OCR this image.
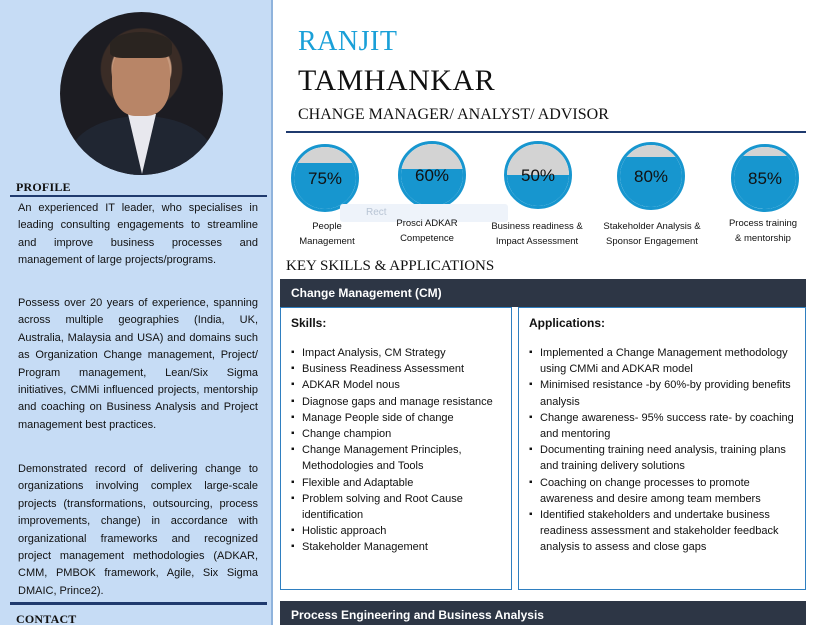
PROFILE

An experienced IT leader, who specialises in leading consulting engagements to streamline and improve business processes and management of large projects/programs.

Possess over 20 years of experience, spanning across multiple geographies (India, UK, Australia, Malaysia and USA) and domains such as Organization Change management, Project/ Program management, Lean/Six Sigma initiatives, CMMi influenced projects, mentorship and coaching on Business Analysis and Project management best practices.

Demonstrated record of delivering change to organizations involving complex large-scale projects (transformations, outsourcing, process improvements, change) in accordance with organizational frameworks and recognized project management methodologies (ADKAR, CMM, PMBOK framework, Agile, Six Sigma DMAIC, Prince2).

CONTACT
RANJIT
TAMHANKAR
CHANGE MANAGER/ ANALYST/ ADVISOR
75%	60%	50%	80%	85%
Rect
People
Management
Prosci ADKAR
Competence
Business readiness &
Impact Assessment
Stakeholder Analysis &
Sponsor Engagement
Process training
& mentorship
KEY SKILLS & APPLICATIONS
Change Management (CM)
Skills:
▪ Impact Analysis, CM Strategy
▪ Business Readiness Assessment
▪ ADKAR Model nous
▪ Diagnose gaps and manage resistance
▪ Manage People side of change
▪ Change champion
▪ Change Management Principles, Methodologies and Tools
▪ Flexible and Adaptable
▪ Problem solving and Root Cause identification
▪ Holistic approach
▪ Stakeholder Management
Applications:
▪ Implemented a Change Management methodology using CMMi and ADKAR model
▪ Minimised resistance -by 60%-by providing benefits analysis
▪ Change awareness- 95% success rate- by coaching and mentoring
▪ Documenting training need analysis, training plans and training delivery solutions
▪ Coaching on change processes to promote awareness and desire among team members
▪ Identified stakeholders and undertake business readiness assessment and stakeholder feedback analysis to assess and close gaps
Process Engineering and Business Analysis
